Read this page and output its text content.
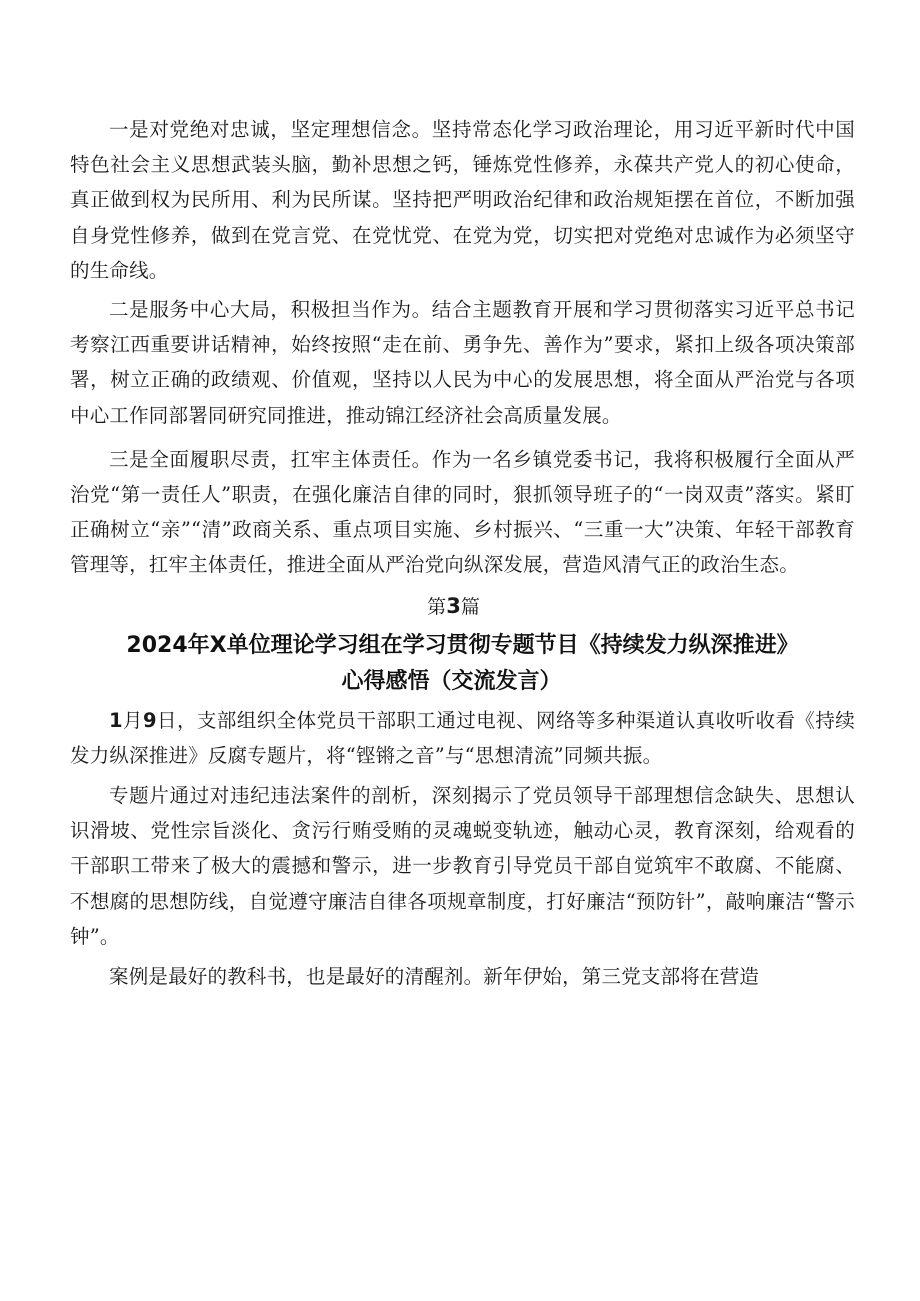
一是对党绝对忠诚，坚定理想信念。坚持常态化学习政治理论，用习近平新时代中国特色社会主义思想武装头脑，勤补思想之钙，锤炼党性修养，永葆共产党人的初心使命，真正做到权为民所用、利为民所谋。坚持把严明政治纪律和政治规矩摆在首位，不断加强自身党性修养，做到在党言党、在党忧党、在党为党，切实把对党绝对忠诚作为必须坚守的生命线。

二是服务中心大局，积极担当作为。结合主题教育开展和学习贯彻落实习近平总书记考察江西重要讲话精神，始终按照“走在前、勇争先、善作为”要求，紧扣上级各项决策部署，树立正确的政绩观、价值观，坚持以人民为中心的发展思想，将全面从严治党与各项中心工作同部署同研究同推进，推动锦江经济社会高质量发展。

三是全面履职尽责，扛牢主体责任。作为一名乡镇党委书记，我将积极履行全面从严治党“第一责任人”职责，在强化廉洁自律的同时，狠抓领导班子的“一岗双责”落实。紧盯正确树立“亲”“清”政商关系、重点项目实施、乡村振兴、“三重一大”决策、年轻干部教育管理等，扛牢主体责任，推进全面从严治党向纵深发展，营造风清气正的政治生态。

第3篇
2024年X单位理论学习组在学习贯彻专题节目《持续发力纵深推进》
心得感悟（交流发言）

1月9日，支部组织全体党员干部职工通过电视、网络等多种渠道认真收听收看《持续发力纵深推进》反腐专题片，将“铿锵之音”与“思想清流”同频共振。

专题片通过对违纪违法案件的剖析，深刻揭示了党员领导干部理想信念缺失、思想认识滑坡、党性宗旨淡化、贪污行贿受贿的灵魂蜕变轨迹，触动心灵，教育深刻，给观看的干部职工带来了极大的震撼和警示，进一步教育引导党员干部自觉筑牢不敢腐、不能腐、不想腐的思想防线，自觉遵守廉洁自律各项规章制度，打好廉洁“预防针”，敲响廉洁“警示钟”。

案例是最好的教科书，也是最好的清醒剂。新年伊始，第三党支部将在营造
